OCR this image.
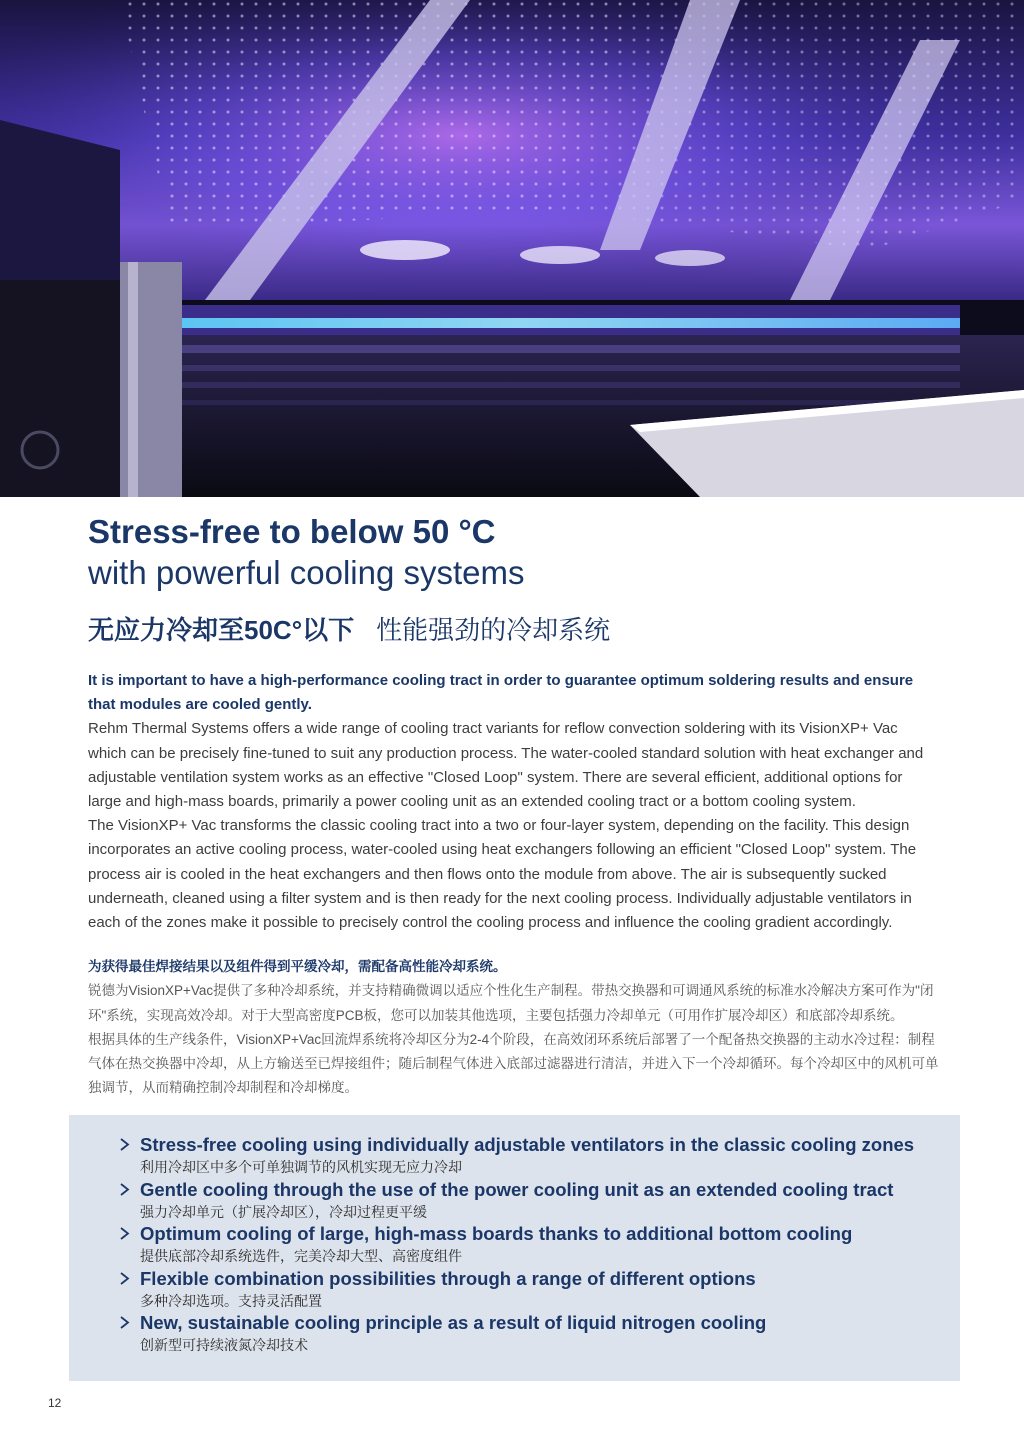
Stress-free to below 50 °C
with powerful cooling systems
无应力冷却至50C°以下 性能强劲的冷却系统

It is important to have a high-performance cooling tract in order to guarantee optimum soldering results and ensure that modules are cooled gently.

Rehm Thermal Systems offers a wide range of cooling tract variants for reflow convection soldering with its VisionXP+ Vac which can be precisely fine-tuned to suit any production process. The water-cooled standard solution with heat exchanger and adjustable ventilation system works as an effective "Closed Loop" system. There are several efficient, additional options for large and high-mass boards, primarily a power cooling unit as an extended cooling tract or a bottom cooling system.

The VisionXP+ Vac transforms the classic cooling tract into a two or four-layer system, depending on the facility. This design incorporates an active cooling process, water-cooled using heat exchangers following an efficient "Closed Loop" system. The process air is cooled in the heat exchangers and then flows onto the module from above. The air is subsequently sucked underneath, cleaned using a filter system and is then ready for the next cooling process. Individually adjustable ventilators in each of the zones make it possible to precisely control the cooling process and influence the cooling gradient accordingly.

为获得最佳焊接结果以及组件得到平缓冷却，需配备高性能冷却系统。

锐德为VisionXP+Vac提供了多种冷却系统，并支持精确微调以适应个性化生产制程。带热交换器和可调通风系统的标准水冷解决方案可作为"闭环"系统，实现高效冷却。对于大型高密度PCB板，您可以加装其他选项，主要包括强力冷却单元（可用作扩展冷却区）和底部冷却系统。

根据具体的生产线条件，VisionXP+Vac回流焊系统将冷却区分为2-4个阶段，在高效闭环系统后部署了一个配备热交换器的主动水冷过程：制程气体在热交换器中冷却，从上方输送至已焊接组件；随后制程气体进入底部过滤器进行清洁，并进入下一个冷却循环。每个冷却区中的风机可单独调节，从而精确控制冷却制程和冷却梯度。

Stress-free cooling using individually adjustable ventilators in the classic cooling zones
利用冷却区中多个可单独调节的风机实现无应力冷却
Gentle cooling through the use of the power cooling unit as an extended cooling tract
强力冷却单元（扩展冷却区），冷却过程更平缓
Optimum cooling of large, high-mass boards thanks to additional bottom cooling
提供底部冷却系统选件，完美冷却大型、高密度组件
Flexible combination possibilities through a range of different options
多种冷却选项。支持灵活配置
New, sustainable cooling principle as a result of liquid nitrogen cooling
创新型可持续液氮冷却技术
12
